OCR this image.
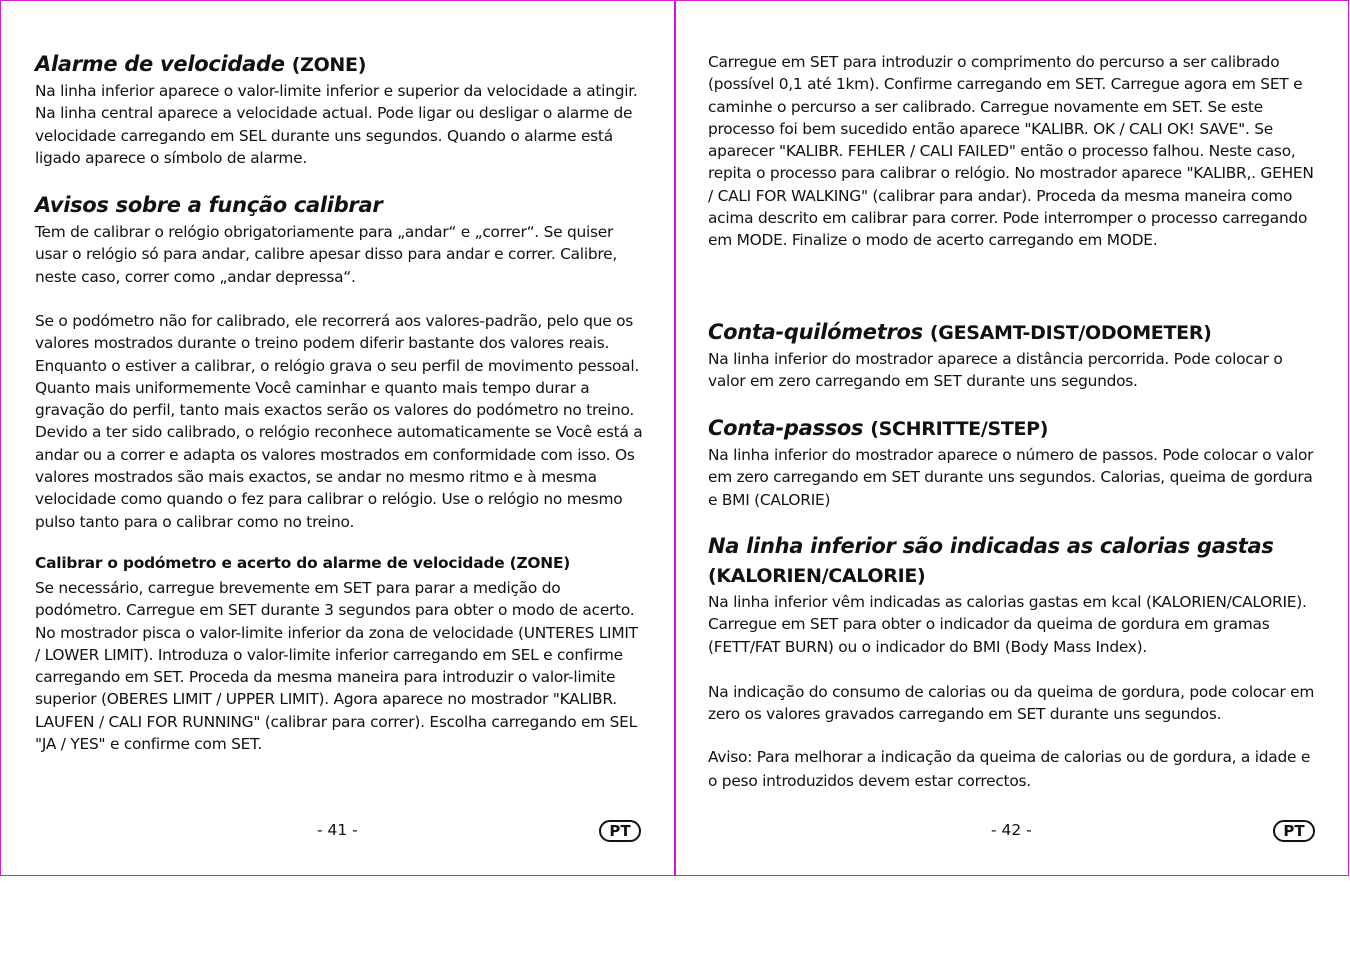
Alarme de velocidade (ZONE)

Na linha inferior aparece o valor-limite inferior e superior da velocidade a atingir. Na linha central aparece a velocidade actual. Pode ligar ou desligar o alarme de velocidade carregando em SEL durante uns segundos. Quando o alarme está ligado aparece o símbolo de alarme.

Avisos sobre a função calibrar

Tem de calibrar o relógio obrigatoriamente para „andar“ e „correr“. Se quiser usar o relógio só para andar, calibre apesar disso para andar e correr. Calibre, neste caso, correr como „andar depressa“.

Se o podómetro não for calibrado, ele recorrerá aos valores-padrão, pelo que os valores mostrados durante o treino podem diferir bastante dos valores reais. Enquanto o estiver a calibrar, o relógio grava o seu perfil de movimento pessoal. Quanto mais uniformemente Você caminhar e quanto mais tempo durar a gravação do perfil, tanto mais exactos serão os valores do podómetro no treino. Devido a ter sido calibrado, o relógio reconhece automaticamente se Você está a andar ou a correr e adapta os valores mostrados em conformidade com isso. Os valores mostrados são mais exactos, se andar no mesmo ritmo e à mesma velocidade como quando o fez para calibrar o relógio. Use o relógio no mesmo pulso tanto para o calibrar como no treino.

Calibrar o podómetro e acerto do alarme de velocidade (ZONE)

Se necessário, carregue brevemente em SET para parar a medição do podómetro. Carregue em SET durante 3 segundos para obter o modo de acerto. No mostrador pisca o valor-limite inferior da zona de velocidade (UNTERES LIMIT / LOWER LIMIT). Introduza o valor-limite inferior carregando em SEL e confirme carregando em SET. Proceda da mesma maneira para introduzir o valor-limite superior (OBERES LIMIT / UPPER LIMIT). Agora aparece no mostrador "KALIBR. LAUFEN / CALI FOR RUNNING" (calibrar para correr). Escolha carregando em SEL "JA / YES" e confirme com SET.

- 41 -	PT

Carregue em SET para introduzir o comprimento do percurso a ser calibrado (possível 0,1 até 1km). Confirme carregando em SET. Carregue agora em SET e caminhe o percurso a ser calibrado. Carregue novamente em SET. Se este processo foi bem sucedido então aparece "KALIBR. OK / CALI OK! SAVE". Se aparecer "KALIBR. FEHLER / CALI FAILED" então o processo falhou. Neste caso, repita o processo para calibrar o relógio. No mostrador aparece "KALIBR,. GEHEN / CALI FOR WALKING" (calibrar para andar). Proceda da mesma maneira como acima descrito em calibrar para correr. Pode interromper o processo carregando em MODE. Finalize o modo de acerto carregando em MODE.

Conta-quilómetros (GESAMT-DIST/ODOMETER)

Na linha inferior do mostrador aparece a distância percorrida. Pode colocar o valor em zero carregando em SET durante uns segundos.

Conta-passos (SCHRITTE/STEP)

Na linha inferior do mostrador aparece o número de passos. Pode colocar o valor em zero carregando em SET durante uns segundos. Calorias, queima de gordura e BMI (CALORIE)

Na linha inferior são indicadas as calorias gastas
(KALORIEN/CALORIE)

Na linha inferior vêm indicadas as calorias gastas em kcal (KALORIEN/CALORIE). Carregue em SET para obter o indicador da queima de gordura em gramas (FETT/FAT BURN) ou o indicador do BMI (Body Mass Index).

Na indicação do consumo de calorias ou da queima de gordura, pode colocar em zero os valores gravados carregando em SET durante uns segundos.

Aviso: Para melhorar a indicação da queima de calorias ou de gordura, a idade e o peso introduzidos devem estar correctos.

- 42 -	PT
